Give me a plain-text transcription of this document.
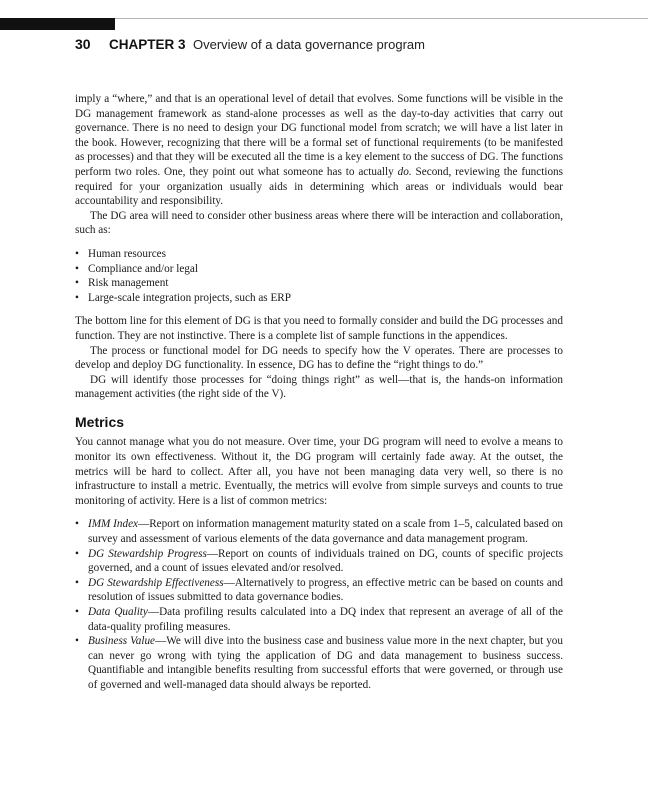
30 CHAPTER 3 Overview of a data governance program

imply a “where,” and that is an operational level of detail that evolves. Some functions will be visible in the DG management framework as stand-alone processes as well as the day-to-day activities that carry out governance. There is no need to design your DG functional model from scratch; we will have a list later in the book. However, recognizing that there will be a formal set of functional requirements (to be manifested as processes) and that they will be executed all the time is a key element to the success of DG. The functions perform two roles. One, they point out what someone has to actually do. Second, reviewing the functions required for your organization usually aids in determining which areas or individuals would bear accountability and responsibility.

The DG area will need to consider other business areas where there will be interaction and collaboration, such as:

• Human resources
• Compliance and/or legal
• Risk management
• Large-scale integration projects, such as ERP

The bottom line for this element of DG is that you need to formally consider and build the DG processes and function. They are not instinctive. There is a complete list of sample functions in the appendices.

The process or functional model for DG needs to specify how the V operates. There are processes to develop and deploy DG functionality. In essence, DG has to define the “right things to do.”

DG will identify those processes for “doing things right” as well—that is, the hands-on information management activities (the right side of the V).

Metrics

You cannot manage what you do not measure. Over time, your DG program will need to evolve a means to monitor its own effectiveness. Without it, the DG program will certainly fade away. At the outset, the metrics will be hard to collect. After all, you have not been managing data very well, so there is no infrastructure to install a metric. Eventually, the metrics will evolve from simple surveys and counts to true monitoring of activity. Here is a list of common metrics:

• IMM Index—Report on information management maturity stated on a scale from 1–5, calculated based on survey and assessment of various elements of the data governance and data management program.
• DG Stewardship Progress—Report on counts of individuals trained on DG, counts of specific projects governed, and a count of issues elevated and/or resolved.
• DG Stewardship Effectiveness—Alternatively to progress, an effective metric can be based on counts and resolution of issues submitted to data governance bodies.
• Data Quality—Data profiling results calculated into a DQ index that represent an average of all of the data-quality profiling measures.
• Business Value—We will dive into the business case and business value more in the next chapter, but you can never go wrong with tying the application of DG and data management to business success. Quantifiable and intangible benefits resulting from successful efforts that were governed, or through use of governed and well-managed data should always be reported.
